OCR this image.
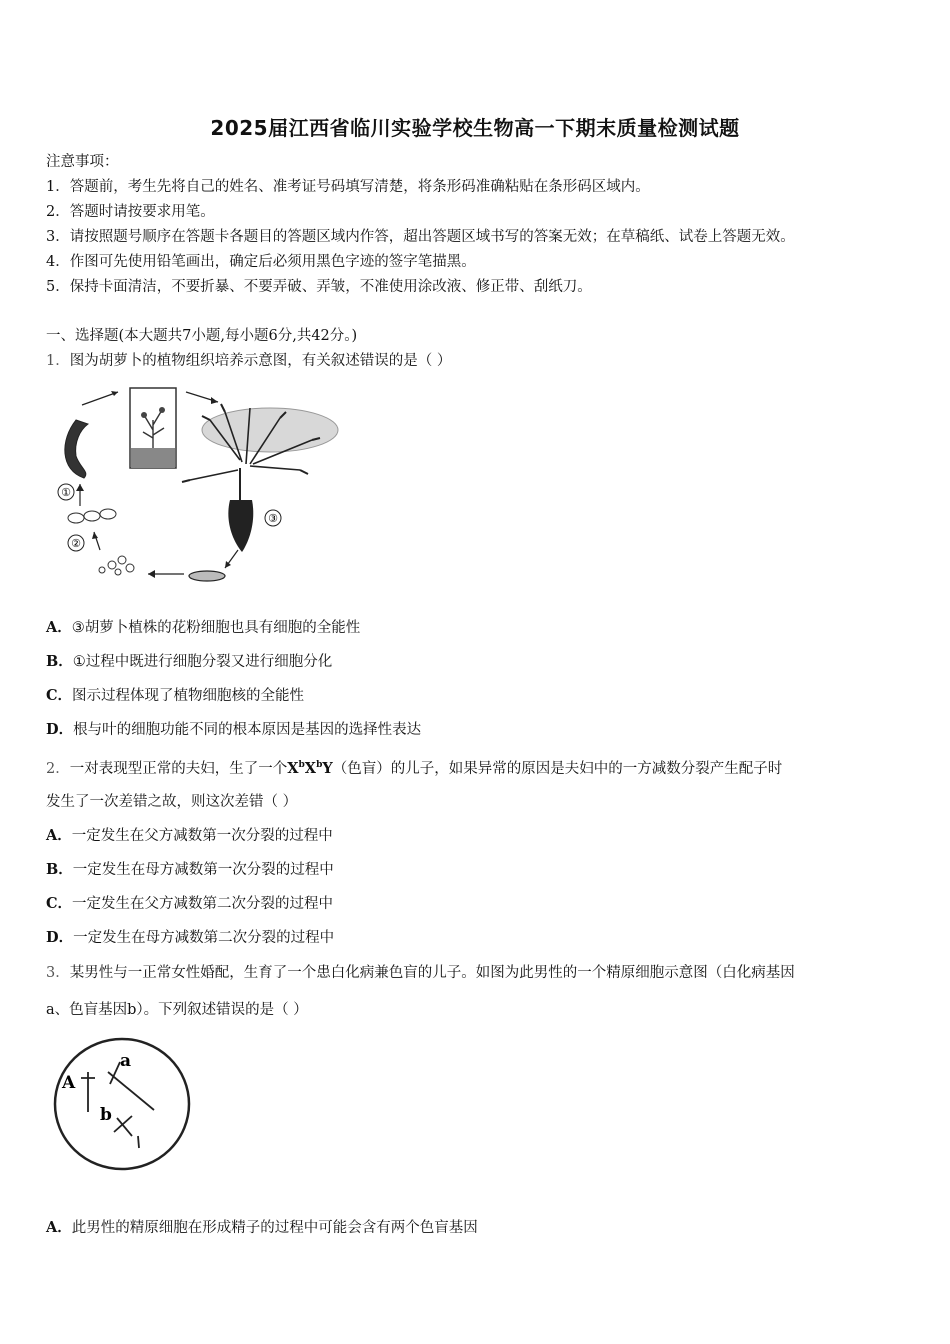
2025届江西省临川实验学校生物高一下期末质量检测试题
注意事项：
1．答题前，考生先将自己的姓名、准考证号码填写清楚，将条形码准确粘贴在条形码区域内。
2．答题时请按要求用笔。
3．请按照题号顺序在答题卡各题目的答题区域内作答，超出答题区域书写的答案无效；在草稿纸、试卷上答题无效。
4．作图可先使用铅笔画出，确定后必须用黑色字迹的签字笔描黑。
5．保持卡面清洁，不要折暴、不要弄破、弄皱，不准使用涂改液、修正带、刮纸刀。
一、选择题(本大题共7小题,每小题6分,共42分。)
1．图为胡萝卜的植物组织培养示意图，有关叙述错误的是（ ）
③
②
①
A．③胡萝卜植株的花粉细胞也具有细胞的全能性
B．①过程中既进行细胞分裂又进行细胞分化
C．图示过程体现了植物细胞核的全能性
D．根与叶的细胞功能不同的根本原因是基因的选择性表达
2．一对表现型正常的夫妇，生了一个$X^bX^bY$（色盲）的儿子，如果异常的原因是夫妇中的一方减数分裂产生配子时
发生了一次差错之故，则这次差错（ ）
A．一定发生在父方减数第一次分裂的过程中
B．一定发生在母方减数第一次分裂的过程中
C．一定发生在父方减数第二次分裂的过程中
D．一定发生在母方减数第二次分裂的过程中
3．某男性与一正常女性婚配，生育了一个患白化病兼色盲的儿子。如图为此男性的一个精原细胞示意图（白化病基因
a、色盲基因b）。下列叙述错误的是（ ）
A
a
b
A．此男性的精原细胞在形成精子的过程中可能会含有两个色盲基因
